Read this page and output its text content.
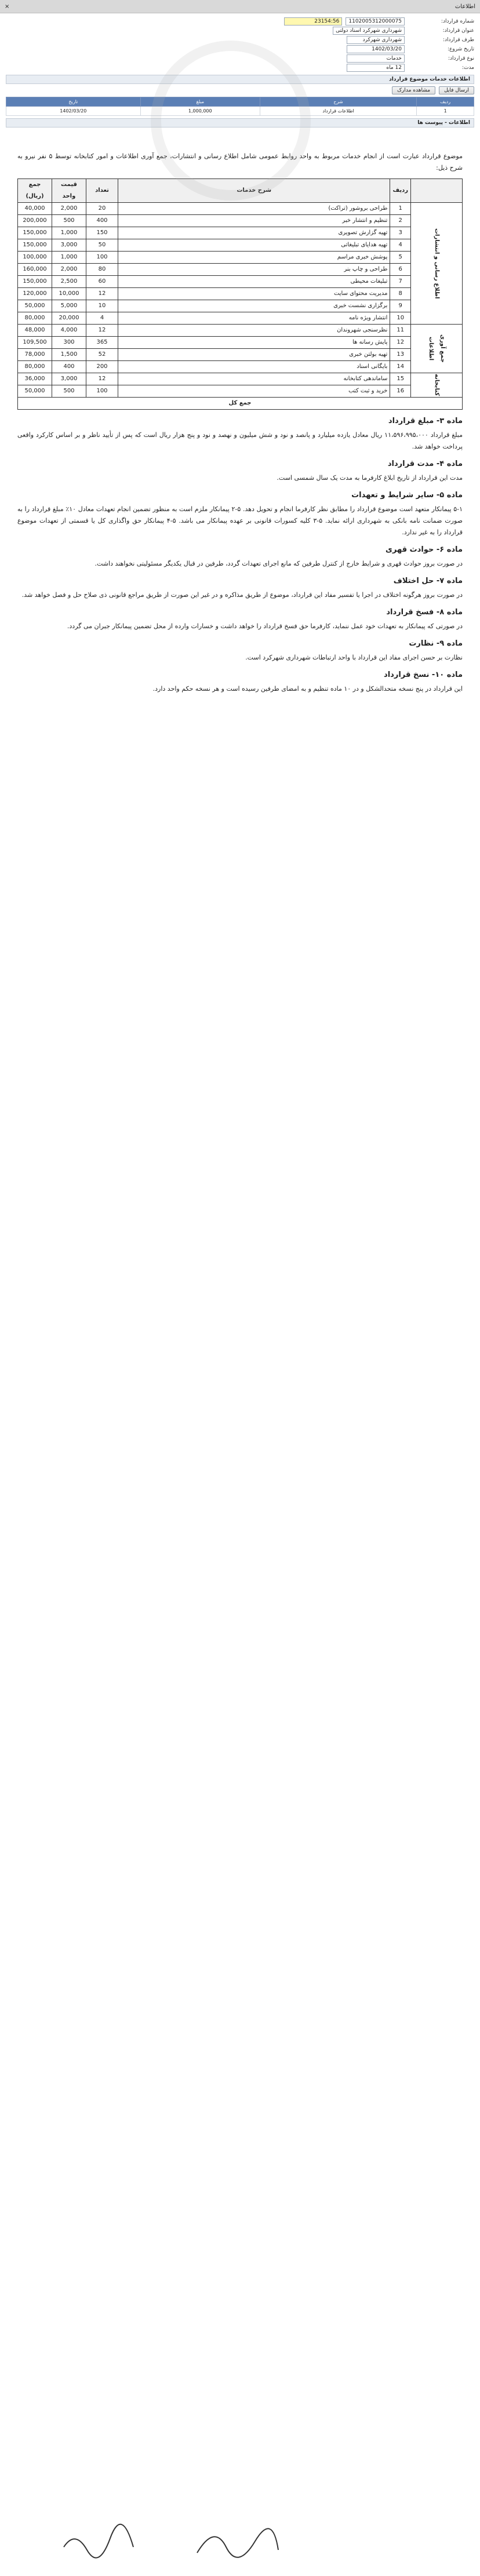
اطلاعات
×
شماره قرارداد:
1102005312000075
23154:56
عنوان قرارداد:
شهرداری شهرکرد اسناد دولتی
طرف قرارداد:
شهرداری شهرکرد
تاریخ شروع:
1402/03/20
نوع قرارداد:
خدمات
مدت:
12 ماه
اطلاعات خدمات موضوع قرارداد
ارسال فایل
مشاهده مدارک
ردیف	شرح	مبلغ	تاریخ
1	اطلاعات قرارداد	1,000,000	1402/03/20
اطلاعات - پیوست ها

موضوع قرارداد عبارت است از انجام خدمات مربوط به واحد روابط عمومی شامل اطلاع رسانی و انتشارات، جمع آوری اطلاعات و امور کتابخانه توسط ۵ نفر نیرو به شرح ذیل:

	ردیف	شرح خدمات	تعداد	قیمت واحد	جمع (ریال)
اطلاع رسانی و انتشارات	1	طراحی بروشور (تراکت)	20	2,000	40,000
	2	تنظیم و انتشار خبر	400	500	200,000
	3	تهیه گزارش تصویری	150	1,000	150,000
	4	تهیه هدایای تبلیغاتی	50	3,000	150,000
	5	پوشش خبری مراسم	100	1,000	100,000
	6	طراحی و چاپ بنر	80	2,000	160,000
	7	تبلیغات محیطی	60	2,500	150,000
	8	مدیریت محتوای سایت	12	10,000	120,000
	9	برگزاری نشست خبری	10	5,000	50,000
	10	انتشار ویژه نامه	4	20,000	80,000
جمع آوری اطلاعات	11	نظرسنجی شهروندان	12	4,000	48,000
	12	پایش رسانه ها	365	300	109,500
	13	تهیه بولتن خبری	52	1,500	78,000
	14	بایگانی اسناد	200	400	80,000
کتابخانه	15	ساماندهی کتابخانه	12	3,000	36,000
	16	خرید و ثبت کتب	100	500	50,000
جمع کل					
ماده ۳- مبلغ قرارداد

مبلغ قرارداد ۱۱،۵۹۶،۹۹۵،۰۰۰ ریال معادل یازده میلیارد و پانصد و نود و شش میلیون و نهصد و نود و پنج هزار ریال است که پس از تأیید ناظر و بر اساس کارکرد واقعی پرداخت خواهد شد.

ماده ۴- مدت قرارداد

مدت این قرارداد از تاریخ ابلاغ کارفرما به مدت یک سال شمسی است.

ماده ۵- سایر شرایط و تعهدات

۵-۱ پیمانکار متعهد است موضوع قرارداد را مطابق نظر کارفرما انجام و تحویل دهد. ۵-۲ پیمانکار ملزم است به منظور تضمین انجام تعهدات معادل ۱۰٪ مبلغ قرارداد را به صورت ضمانت نامه بانکی به شهرداری ارائه نماید. ۵-۳ کلیه کسورات قانونی بر عهده پیمانکار می باشد. ۵-۴ پیمانکار حق واگذاری کل یا قسمتی از تعهدات موضوع قرارداد را به غیر ندارد.

ماده ۶- حوادث قهری

در صورت بروز حوادث قهری و شرایط خارج از کنترل طرفین که مانع اجرای تعهدات گردد، طرفین در قبال یکدیگر مسئولیتی نخواهند داشت.

ماده ۷- حل اختلاف

در صورت بروز هرگونه اختلاف در اجرا یا تفسیر مفاد این قرارداد، موضوع از طریق مذاکره و در غیر این صورت از طریق مراجع قانونی ذی صلاح حل و فصل خواهد شد.

ماده ۸- فسخ قرارداد

در صورتی که پیمانکار به تعهدات خود عمل ننماید، کارفرما حق فسخ قرارداد را خواهد داشت و خسارات وارده از محل تضمین پیمانکار جبران می گردد.

ماده ۹- نظارت

نظارت بر حسن اجرای مفاد این قرارداد با واحد ارتباطات شهرداری شهرکرد است.

ماده ۱۰- نسخ قرارداد

این قرارداد در پنج نسخه متحدالشکل و در ۱۰ ماده تنظیم و به امضای طرفین رسیده است و هر نسخه حکم واحد دارد.
